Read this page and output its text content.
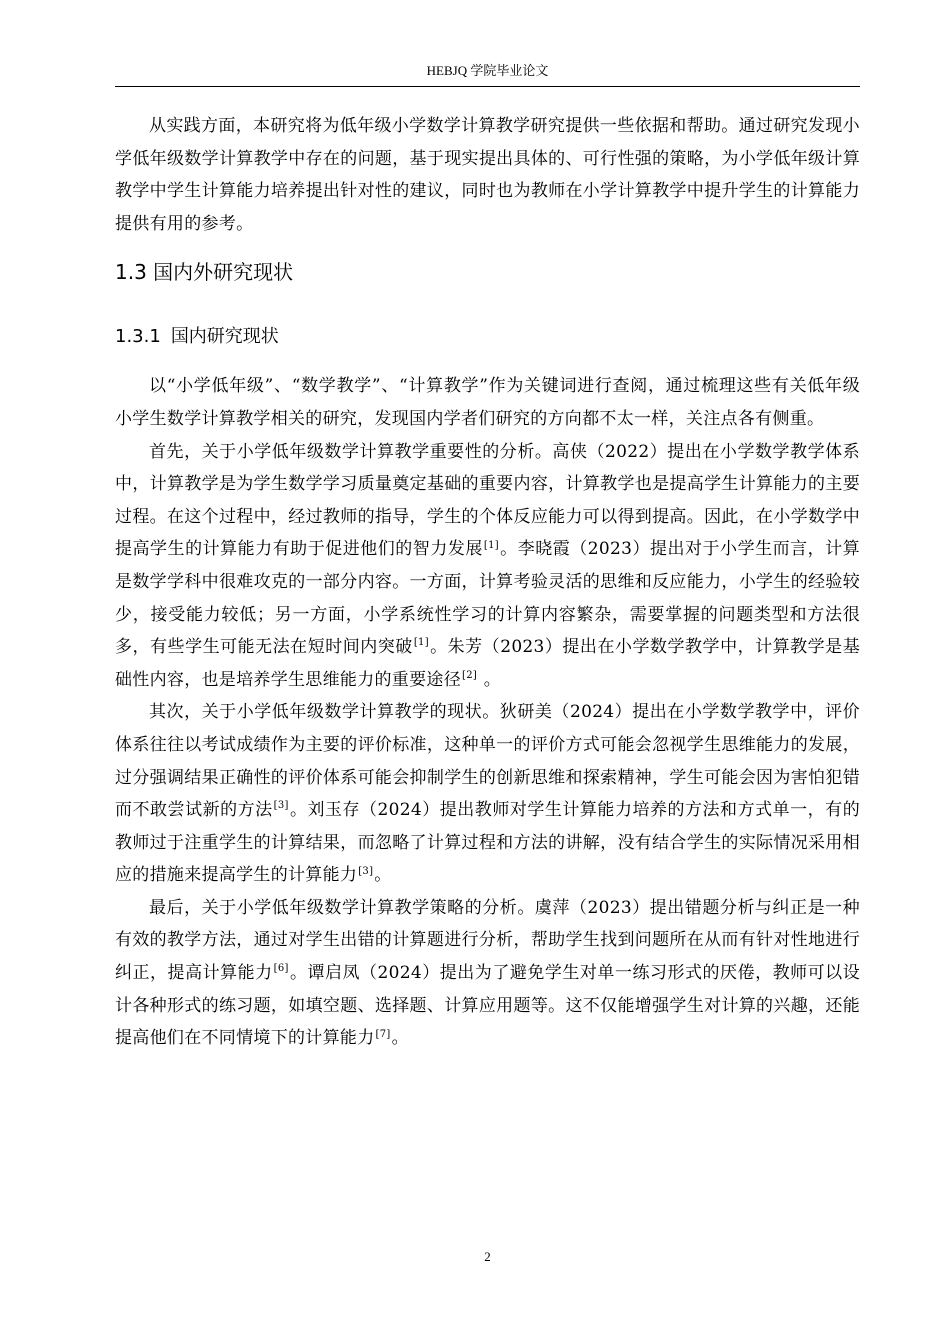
HEBJQ 学院毕业论文

从实践方面，本研究将为低年级小学数学计算教学研究提供一些依据和帮助。通过研究发现小学低年级数学计算教学中存在的问题，基于现实提出具体的、可行性强的策略，为小学低年级计算教学中学生计算能力培养提出针对性的建议，同时也为教师在小学计算教学中提升学生的计算能力提供有用的参考。

1.3 国内外研究现状
1.3.1 国内研究现状

以“小学低年级”、“数学教学”、“计算教学”作为关键词进行查阅，通过梳理这些有关低年级小学生数学计算教学相关的研究，发现国内学者们研究的方向都不太一样，关注点各有侧重。

首先，关于小学低年级数学计算教学重要性的分析。高侠（2022）提出在小学数学教学体系中，计算教学是为学生数学学习质量奠定基础的重要内容，计算教学也是提高学生计算能力的主要过程。在这个过程中，经过教师的指导，学生的个体反应能力可以得到提高。因此，在小学数学中提高学生的计算能力有助于促进他们的智力发展[1]。李晓霞（2023）提出对于小学生而言，计算是数学学科中很难攻克的一部分内容。一方面，计算考验灵活的思维和反应能力，小学生的经验较少，接受能力较低；另一方面，小学系统性学习的计算内容繁杂，需要掌握的问题类型和方法很多，有些学生可能无法在短时间内突破[1]。朱芳（2023）提出在小学数学教学中，计算教学是基础性内容，也是培养学生思维能力的重要途径[2] 。

其次，关于小学低年级数学计算教学的现状。狄研美（2024）提出在小学数学教学中，评价体系往往以考试成绩作为主要的评价标准，这种单一的评价方式可能会忽视学生思维能力的发展，过分强调结果正确性的评价体系可能会抑制学生的创新思维和探索精神，学生可能会因为害怕犯错而不敢尝试新的方法[3]。刘玉存（2024）提出教师对学生计算能力培养的方法和方式单一，有的教师过于注重学生的计算结果，而忽略了计算过程和方法的讲解，没有结合学生的实际情况采用相应的措施来提高学生的计算能力[3]。

最后，关于小学低年级数学计算教学策略的分析。虞萍（2023）提出错题分析与纠正是一种有效的教学方法，通过对学生出错的计算题进行分析，帮助学生找到问题所在从而有针对性地进行纠正，提高计算能力[6]。谭启凤（2024）提出为了避免学生对单一练习形式的厌倦，教师可以设计各种形式的练习题，如填空题、选择题、计算应用题等。这不仅能增强学生对计算的兴趣，还能提高他们在不同情境下的计算能力[7]。

2
